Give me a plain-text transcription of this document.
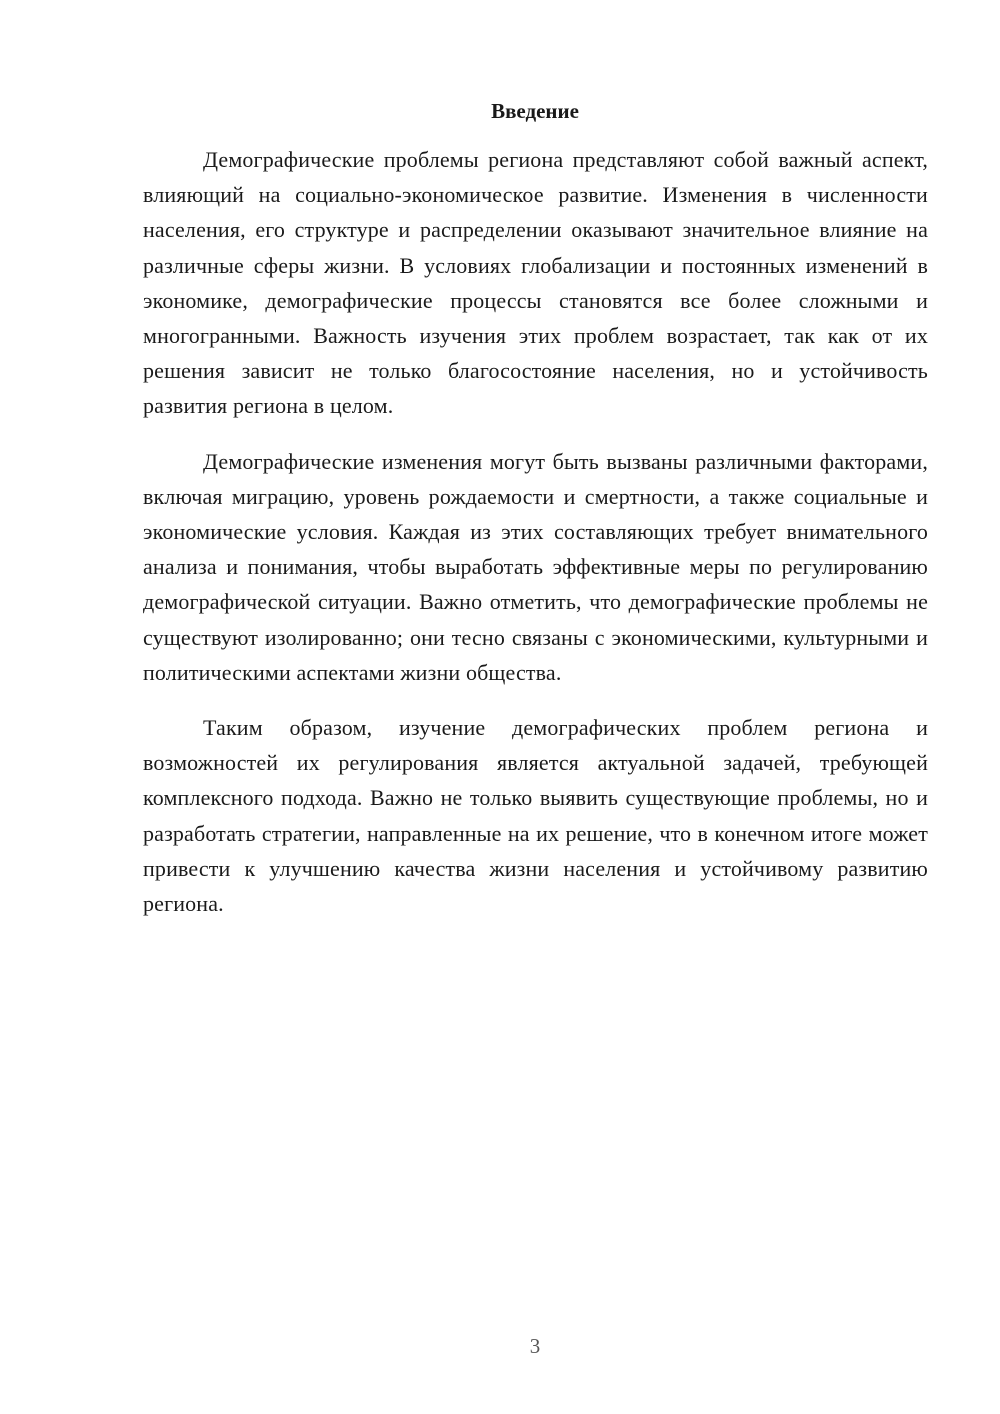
Введение

Демографические проблемы региона представляют собой важный аспект, влияющий на социально-экономическое развитие. Изменения в численности населения, его структуре и распределении оказывают значительное влияние на различные сферы жизни. В условиях глобализации и постоянных изменений в экономике, демографические процессы становятся все более сложными и многогранными. Важность изучения этих проблем возрастает, так как от их решения зависит не только благосостояние населения, но и устойчивость развития региона в целом.

Демографические изменения могут быть вызваны различными факторами, включая миграцию, уровень рождаемости и смертности, а также социальные и экономические условия. Каждая из этих составляющих требует внимательного анализа и понимания, чтобы выработать эффективные меры по регулированию демографической ситуации. Важно отметить, что демографические проблемы не существуют изолированно; они тесно связаны с экономическими, культурными и политическими аспектами жизни общества.

Таким образом, изучение демографических проблем региона и возможностей их регулирования является актуальной задачей, требующей комплексного подхода. Важно не только выявить существующие проблемы, но и разработать стратегии, направленные на их решение, что в конечном итоге может привести к улучшению качества жизни населения и устойчивому развитию региона.

3
